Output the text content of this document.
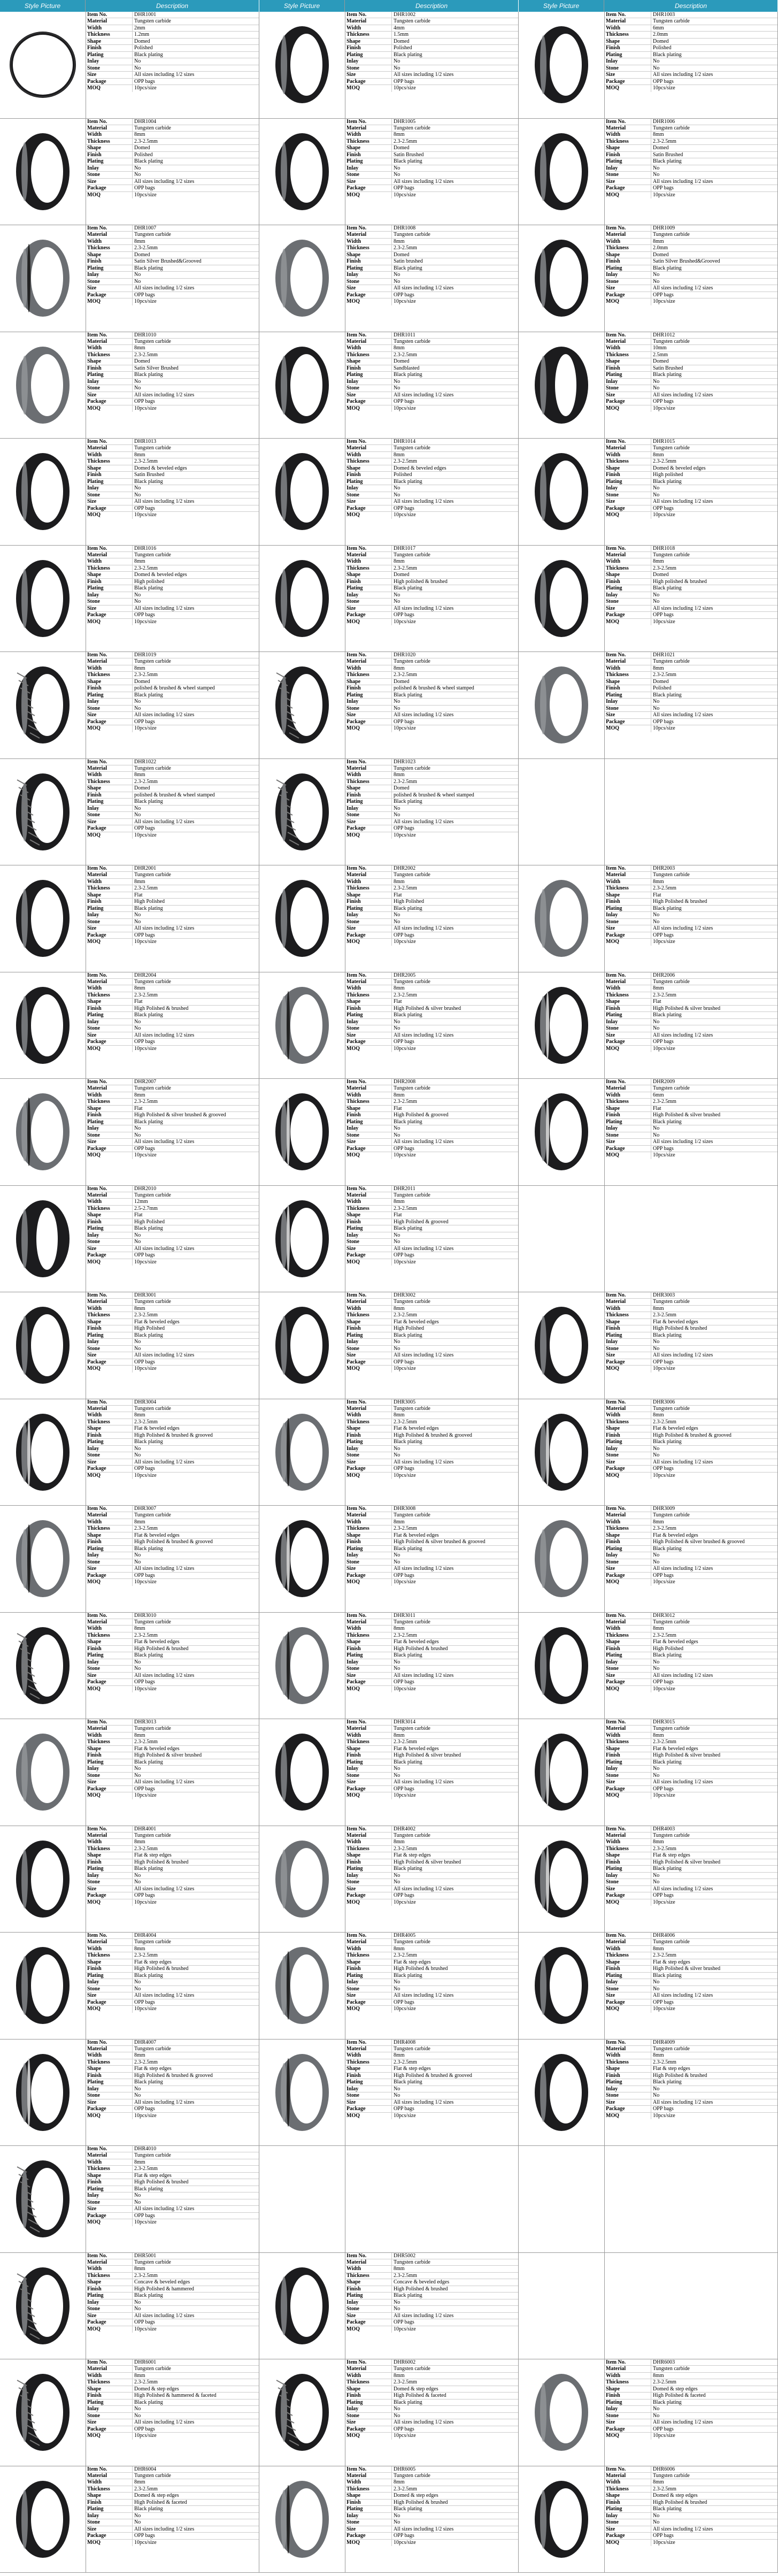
Style Picture	Description	Style Picture	Description	Style Picture	Description
Item No.	DHR1001
Material	Tungsten carbide
Width	2mm
Thickness	1.2mm
Shape	Domed
Finish	Polished
Plating	Black plating
Inlay	No
Stone	No
Size	All sizes including 1/2 sizes
Package	OPP bags
MOQ	10pcs/size
Item No.	DHR1002
Material	Tungsten carbide
Width	4mm
Thickness	1.5mm
Shape	Domed
Finish	Polished
Plating	Black plating
Inlay	No
Stone	No
Size	All sizes including 1/2 sizes
Package	OPP bags
MOQ	10pcs/size
Item No.	DHR1003
Material	Tungsten carbide
Width	6mm
Thickness	2.0mm
Shape	Domed
Finish	Polished
Plating	Black plating
Inlay	No
Stone	No
Size	All sizes including 1/2 sizes
Package	OPP bags
MOQ	10pcs/size
Item No.	DHR1004
Material	Tungsten carbide
Width	8mm
Thickness	2.3-2.5mm
Shape	Domed
Finish	Polished
Plating	Black plating
Inlay	No
Stone	No
Size	All sizes including 1/2 sizes
Package	OPP bags
MOQ	10pcs/size
Item No.	DHR1005
Material	Tungsten carbide
Width	8mm
Thickness	2.3-2.5mm
Shape	Domed
Finish	Satin Brushed
Plating	Black plating
Inlay	No
Stone	No
Size	All sizes including 1/2 sizes
Package	OPP bags
MOQ	10pcs/size
Item No.	DHR1006
Material	Tungsten carbide
Width	8mm
Thickness	2.3-2.5mm
Shape	Domed
Finish	Satin Brushed
Plating	Black plating
Inlay	No
Stone	No
Size	All sizes including 1/2 sizes
Package	OPP bags
MOQ	10pcs/size
Item No.	DHR1007
Material	Tungsten carbide
Width	8mm
Thickness	2.3-2.5mm
Shape	Domed
Finish	Satin Silver Brushed&Grooved
Plating	Black plating
Inlay	No
Stone	No
Size	All sizes including 1/2 sizes
Package	OPP bags
MOQ	10pcs/size
Item No.	DHR1008
Material	Tungsten carbide
Width	8mm
Thickness	2.3-2.5mm
Shape	Domed
Finish	Satin brushed
Plating	Black plating
Inlay	No
Stone	No
Size	All sizes including 1/2 sizes
Package	OPP bags
MOQ	10pcs/size
Item No.	DHR1009
Material	Tungsten carbide
Width	8mm
Thickness	2.0mm
Shape	Domed
Finish	Satin Silver Brushed&Grooved
Plating	Black plating
Inlay	No
Stone	No
Size	All sizes including 1/2 sizes
Package	OPP bags
MOQ	10pcs/size
Item No.	DHR1010
Material	Tungsten carbide
Width	8mm
Thickness	2.3-2.5mm
Shape	Domed
Finish	Satin Silver Brushed
Plating	Black plating
Inlay	No
Stone	No
Size	All sizes including 1/2 sizes
Package	OPP bags
MOQ	10pcs/size
Item No.	DHR1011
Material	Tungsten carbide
Width	8mm
Thickness	2.3-2.5mm
Shape	Domed
Finish	Sandblasted
Plating	Black plating
Inlay	No
Stone	No
Size	All sizes including 1/2 sizes
Package	OPP bags
MOQ	10pcs/size
Item No.	DHR1012
Material	Tungsten carbide
Width	10mm
Thickness	2.5mm
Shape	Domed
Finish	Satin Brushed
Plating	Black plating
Inlay	No
Stone	No
Size	All sizes including 1/2 sizes
Package	OPP bags
MOQ	10pcs/size
Item No.	DHR1013
Material	Tungsten carbide
Width	8mm
Thickness	2.3-2.5mm
Shape	Domed & beveled edges
Finish	Satin Brushed
Plating	Black plating
Inlay	No
Stone	No
Size	All sizes including 1/2 sizes
Package	OPP bags
MOQ	10pcs/size
Item No.	DHR1014
Material	Tungsten carbide
Width	8mm
Thickness	2.3-2.5mm
Shape	Domed & beveled edges
Finish	Polished
Plating	Black plating
Inlay	No
Stone	No
Size	All sizes including 1/2 sizes
Package	OPP bags
MOQ	10pcs/size
Item No.	DHR1015
Material	Tungsten carbide
Width	8mm
Thickness	2.3-2.5mm
Shape	Domed & beveled edges
Finish	High polished
Plating	Black plating
Inlay	No
Stone	No
Size	All sizes including 1/2 sizes
Package	OPP bags
MOQ	10pcs/size
Item No.	DHR1016
Material	Tungsten carbide
Width	8mm
Thickness	2.3-2.5mm
Shape	Domed & beveled edges
Finish	High polished
Plating	Black plating
Inlay	No
Stone	No
Size	All sizes including 1/2 sizes
Package	OPP bags
MOQ	10pcs/size
Item No.	DHR1017
Material	Tungsten carbide
Width	8mm
Thickness	2.3-2.5mm
Shape	Domed
Finish	High polished & brushed
Plating	Black plating
Inlay	No
Stone	No
Size	All sizes including 1/2 sizes
Package	OPP bags
MOQ	10pcs/size
Item No.	DHR1018
Material	Tungsten carbide
Width	8mm
Thickness	2.3-2.5mm
Shape	Domed
Finish	High polished & brushed
Plating	Black plating
Inlay	No
Stone	No
Size	All sizes including 1/2 sizes
Package	OPP bags
MOQ	10pcs/size
Item No.	DHR1019
Material	Tungsten carbide
Width	8mm
Thickness	2.3-2.5mm
Shape	Domed
Finish	polished & brushed & wheel stamped
Plating	Black plating
Inlay	No
Stone	No
Size	All sizes including 1/2 sizes
Package	OPP bags
MOQ	10pcs/size
Item No.	DHR1020
Material	Tungsten carbide
Width	8mm
Thickness	2.3-2.5mm
Shape	Domed
Finish	polished & brushed & wheel stamped
Plating	Black plating
Inlay	No
Stone	No
Size	All sizes including 1/2 sizes
Package	OPP bags
MOQ	10pcs/size
Item No.	DHR1021
Material	Tungsten carbide
Width	8mm
Thickness	2.3-2.5mm
Shape	Domed
Finish	Polished
Plating	Black plating
Inlay	No
Stone	No
Size	All sizes including 1/2 sizes
Package	OPP bags
MOQ	10pcs/size
Item No.	DHR1022
Material	Tungsten carbide
Width	8mm
Thickness	2.3-2.5mm
Shape	Domed
Finish	polished & brushed & wheel stamped
Plating	Black plating
Inlay	No
Stone	No
Size	All sizes including 1/2 sizes
Package	OPP bags
MOQ	10pcs/size
Item No.	DHR1023
Material	Tungsten carbide
Width	8mm
Thickness	2.3-2.5mm
Shape	Domed
Finish	polished & brushed & wheel stamped
Plating	Black plating
Inlay	No
Stone	No
Size	All sizes including 1/2 sizes
Package	OPP bags
MOQ	10pcs/size
Item No.	DHR2001
Material	Tungsten carbide
Width	8mm
Thickness	2.3-2.5mm
Shape	Flat
Finish	High Polished
Plating	Black plating
Inlay	No
Stone	No
Size	All sizes including 1/2 sizes
Package	OPP bags
MOQ	10pcs/size
Item No.	DHR2002
Material	Tungsten carbide
Width	8mm
Thickness	2.3-2.5mm
Shape	Flat
Finish	High Polished
Plating	Black plating
Inlay	No
Stone	No
Size	All sizes including 1/2 sizes
Package	OPP bags
MOQ	10pcs/size
Item No.	DHR2003
Material	Tungsten carbide
Width	8mm
Thickness	2.3-2.5mm
Shape	Flat
Finish	High Polished & brushed
Plating	Black plating
Inlay	No
Stone	No
Size	All sizes including 1/2 sizes
Package	OPP bags
MOQ	10pcs/size
Item No.	DHR2004
Material	Tungsten carbide
Width	8mm
Thickness	2.3-2.5mm
Shape	Flat
Finish	High Polished & brushed
Plating	Black plating
Inlay	No
Stone	No
Size	All sizes including 1/2 sizes
Package	OPP bags
MOQ	10pcs/size
Item No.	DHR2005
Material	Tungsten carbide
Width	8mm
Thickness	2.3-2.5mm
Shape	Flat
Finish	High Polished & silver brushed
Plating	Black plating
Inlay	No
Stone	No
Size	All sizes including 1/2 sizes
Package	OPP bags
MOQ	10pcs/size
Item No.	DHR2006
Material	Tungsten carbide
Width	8mm
Thickness	2.3-2.5mm
Shape	Flat
Finish	High Polished & silver brushed
Plating	Black plating
Inlay	No
Stone	No
Size	All sizes including 1/2 sizes
Package	OPP bags
MOQ	10pcs/size
Item No.	DHR2007
Material	Tungsten carbide
Width	8mm
Thickness	2.3-2.5mm
Shape	Flat
Finish	High Polished & silver brushed & grooved
Plating	Black plating
Inlay	No
Stone	No
Size	All sizes including 1/2 sizes
Package	OPP bags
MOQ	10pcs/size
Item No.	DHR2008
Material	Tungsten carbide
Width	8mm
Thickness	2.3-2.5mm
Shape	Flat
Finish	High Polished & grooved
Plating	Black plating
Inlay	No
Stone	No
Size	All sizes including 1/2 sizes
Package	OPP bags
MOQ	10pcs/size
Item No.	DHR2009
Material	Tungsten carbide
Width	6mm
Thickness	2.3-2.5mm
Shape	Flat
Finish	High Polished & silver brushed
Plating	Black plating
Inlay	No
Stone	No
Size	All sizes including 1/2 sizes
Package	OPP bags
MOQ	10pcs/size
Item No.	DHR2010
Material	Tungsten carbide
Width	12mm
Thickness	2.5-2.7mm
Shape	Flat
Finish	High Polished
Plating	Black plating
Inlay	No
Stone	No
Size	All sizes including 1/2 sizes
Package	OPP bags
MOQ	10pcs/size
Item No.	DHR2011
Material	Tungsten carbide
Width	8mm
Thickness	2.3-2.5mm
Shape	Flat
Finish	High Polished & grooved
Plating	Black plating
Inlay	No
Stone	No
Size	All sizes including 1/2 sizes
Package	OPP bags
MOQ	10pcs/size
Item No.	DHR3001
Material	Tungsten carbide
Width	8mm
Thickness	2.3-2.5mm
Shape	Flat & beveled edges
Finish	High Polished
Plating	Black plating
Inlay	No
Stone	No
Size	All sizes including 1/2 sizes
Package	OPP bags
MOQ	10pcs/size
Item No.	DHR3002
Material	Tungsten carbide
Width	8mm
Thickness	2.3-2.5mm
Shape	Flat & beveled edges
Finish	High Polished
Plating	Black plating
Inlay	No
Stone	No
Size	All sizes including 1/2 sizes
Package	OPP bags
MOQ	10pcs/size
Item No.	DHR3003
Material	Tungsten carbide
Width	8mm
Thickness	2.3-2.5mm
Shape	Flat & beveled edges
Finish	High Polished & brushed
Plating	Black plating
Inlay	No
Stone	No
Size	All sizes including 1/2 sizes
Package	OPP bags
MOQ	10pcs/size
Item No.	DHR3004
Material	Tungsten carbide
Width	8mm
Thickness	2.3-2.5mm
Shape	Flat & beveled edges
Finish	High Polished & brushed & grooved
Plating	Black plating
Inlay	No
Stone	No
Size	All sizes including 1/2 sizes
Package	OPP bags
MOQ	10pcs/size
Item No.	DHR3005
Material	Tungsten carbide
Width	8mm
Thickness	2.3-2.5mm
Shape	Flat & beveled edges
Finish	High Polished & brushed & grooved
Plating	Black plating
Inlay	No
Stone	No
Size	All sizes including 1/2 sizes
Package	OPP bags
MOQ	10pcs/size
Item No.	DHR3006
Material	Tungsten carbide
Width	8mm
Thickness	2.3-2.5mm
Shape	Flat & beveled edges
Finish	High Polished & brushed & grooved
Plating	Black plating
Inlay	No
Stone	No
Size	All sizes including 1/2 sizes
Package	OPP bags
MOQ	10pcs/size
Item No.	DHR3007
Material	Tungsten carbide
Width	8mm
Thickness	2.3-2.5mm
Shape	Flat & beveled edges
Finish	High Polished & brushed & grooved
Plating	Black plating
Inlay	No
Stone	No
Size	All sizes including 1/2 sizes
Package	OPP bags
MOQ	10pcs/size
Item No.	DHR3008
Material	Tungsten carbide
Width	8mm
Thickness	2.3-2.5mm
Shape	Flat & beveled edges
Finish	High Polished & silver brushed & grooved
Plating	Black plating
Inlay	No
Stone	No
Size	All sizes including 1/2 sizes
Package	OPP bags
MOQ	10pcs/size
Item No.	DHR3009
Material	Tungsten carbide
Width	8mm
Thickness	2.3-2.5mm
Shape	Flat & beveled edges
Finish	High Polished & silver brushed & grooved
Plating	Black plating
Inlay	No
Stone	No
Size	All sizes including 1/2 sizes
Package	OPP bags
MOQ	10pcs/size
Item No.	DHR3010
Material	Tungsten carbide
Width	8mm
Thickness	2.3-2.5mm
Shape	Flat & beveled edges
Finish	High Polished & brushed
Plating	Black plating
Inlay	No
Stone	No
Size	All sizes including 1/2 sizes
Package	OPP bags
MOQ	10pcs/size
Item No.	DHR3011
Material	Tungsten carbide
Width	8mm
Thickness	2.3-2.5mm
Shape	Flat & beveled edges
Finish	High Polished & brushed
Plating	Black plating
Inlay	No
Stone	No
Size	All sizes including 1/2 sizes
Package	OPP bags
MOQ	10pcs/size
Item No.	DHR3012
Material	Tungsten carbide
Width	8mm
Thickness	2.3-2.5mm
Shape	Flat & beveled edges
Finish	High Polished
Plating	Black plating
Inlay	No
Stone	No
Size	All sizes including 1/2 sizes
Package	OPP bags
MOQ	10pcs/size
Item No.	DHR3013
Material	Tungsten carbide
Width	8mm
Thickness	2.3-2.5mm
Shape	Flat & beveled edges
Finish	High Polished & silver brushed
Plating	Black plating
Inlay	No
Stone	No
Size	All sizes including 1/2 sizes
Package	OPP bags
MOQ	10pcs/size
Item No.	DHR3014
Material	Tungsten carbide
Width	8mm
Thickness	2.3-2.5mm
Shape	Flat & beveled edges
Finish	High Polished & silver brushed
Plating	Black plating
Inlay	No
Stone	No
Size	All sizes including 1/2 sizes
Package	OPP bags
MOQ	10pcs/size
Item No.	DHR3015
Material	Tungsten carbide
Width	8mm
Thickness	2.3-2.5mm
Shape	Flat & beveled edges
Finish	High Polished & silver brushed
Plating	Black plating
Inlay	No
Stone	No
Size	All sizes including 1/2 sizes
Package	OPP bags
MOQ	10pcs/size
Item No.	DHR4001
Material	Tungsten carbide
Width	8mm
Thickness	2.3-2.5mm
Shape	Flat & step edges
Finish	High Polished & brushed
Plating	Black plating
Inlay	No
Stone	No
Size	All sizes including 1/2 sizes
Package	OPP bags
MOQ	10pcs/size
Item No.	DHR4002
Material	Tungsten carbide
Width	8mm
Thickness	2.3-2.5mm
Shape	Flat & step edges
Finish	High Polished & silver brushed
Plating	Black plating
Inlay	No
Stone	No
Size	All sizes including 1/2 sizes
Package	OPP bags
MOQ	10pcs/size
Item No.	DHR4003
Material	Tungsten carbide
Width	8mm
Thickness	2.3-2.5mm
Shape	Flat & step edges
Finish	High Polished & silver brushed
Plating	Black plating
Inlay	No
Stone	No
Size	All sizes including 1/2 sizes
Package	OPP bags
MOQ	10pcs/size
Item No.	DHR4004
Material	Tungsten carbide
Width	8mm
Thickness	2.3-2.5mm
Shape	Flat & step edges
Finish	High Polished & brushed
Plating	Black plating
Inlay	No
Stone	No
Size	All sizes including 1/2 sizes
Package	OPP bags
MOQ	10pcs/size
Item No.	DHR4005
Material	Tungsten carbide
Width	8mm
Thickness	2.3-2.5mm
Shape	Flat & step edges
Finish	High Polished & brushed
Plating	Black plating
Inlay	No
Stone	No
Size	All sizes including 1/2 sizes
Package	OPP bags
MOQ	10pcs/size
Item No.	DHR4006
Material	Tungsten carbide
Width	8mm
Thickness	2.3-2.5mm
Shape	Flat & step edges
Finish	High Polished & silver brushed
Plating	Black plating
Inlay	No
Stone	No
Size	All sizes including 1/2 sizes
Package	OPP bags
MOQ	10pcs/size
Item No.	DHR4007
Material	Tungsten carbide
Width	8mm
Thickness	2.3-2.5mm
Shape	Flat & step edges
Finish	High Polished & brushed & grooved
Plating	Black plating
Inlay	No
Stone	No
Size	All sizes including 1/2 sizes
Package	OPP bags
MOQ	10pcs/size
Item No.	DHR4008
Material	Tungsten carbide
Width	8mm
Thickness	2.3-2.5mm
Shape	Flat & step edges
Finish	High Polished & brushed & grooved
Plating	Black plating
Inlay	No
Stone	No
Size	All sizes including 1/2 sizes
Package	OPP bags
MOQ	10pcs/size
Item No.	DHR4009
Material	Tungsten carbide
Width	8mm
Thickness	2.3-2.5mm
Shape	Flat & step edges
Finish	High Polished & brushed
Plating	Black plating
Inlay	No
Stone	No
Size	All sizes including 1/2 sizes
Package	OPP bags
MOQ	10pcs/size
Item No.	DHR4010
Material	Tungsten carbide
Width	8mm
Thickness	2.3-2.5mm
Shape	Flat & step edges
Finish	High Polished & brushed
Plating	Black plating
Inlay	No
Stone	No
Size	All sizes including 1/2 sizes
Package	OPP bags
MOQ	10pcs/size
Item No.	DHR5001
Material	Tungsten carbide
Width	8mm
Thickness	2.3-2.5mm
Shape	Concave & beveled edges
Finish	High Polished & hammered
Plating	Black plating
Inlay	No
Stone	No
Size	All sizes including 1/2 sizes
Package	OPP bags
MOQ	10pcs/size
Item No.	DHR5002
Material	Tungsten carbide
Width	8mm
Thickness	2.3-2.5mm
Shape	Concave & beveled edges
Finish	High Polished & brushed
Plating	Black plating
Inlay	No
Stone	No
Size	All sizes including 1/2 sizes
Package	OPP bags
MOQ	10pcs/size
Item No.	DHR6001
Material	Tungsten carbide
Width	8mm
Thickness	2.3-2.5mm
Shape	Domed & step edges
Finish	High Polished & hammered & faceted
Plating	Black plating
Inlay	No
Stone	No
Size	All sizes including 1/2 sizes
Package	OPP bags
MOQ	10pcs/size
Item No.	DHR6002
Material	Tungsten carbide
Width	8mm
Thickness	2.3-2.5mm
Shape	Domed & step edges
Finish	High Polished & faceted
Plating	Black plating
Inlay	No
Stone	No
Size	All sizes including 1/2 sizes
Package	OPP bags
MOQ	10pcs/size
Item No.	DHR6003
Material	Tungsten carbide
Width	8mm
Thickness	2.3-2.5mm
Shape	Domed & step edges
Finish	High Polished & faceted
Plating	Black plating
Inlay	No
Stone	No
Size	All sizes including 1/2 sizes
Package	OPP bags
MOQ	10pcs/size
Item No.	DHR6004
Material	Tungsten carbide
Width	8mm
Thickness	2.3-2.5mm
Shape	Domed & step edges
Finish	High Polished & faceted
Plating	Black plating
Inlay	No
Stone	No
Size	All sizes including 1/2 sizes
Package	OPP bags
MOQ	10pcs/size
Item No.	DHR6005
Material	Tungsten carbide
Width	8mm
Thickness	2.3-2.5mm
Shape	Domed & step edges
Finish	High Polished & brushed
Plating	Black plating
Inlay	No
Stone	No
Size	All sizes including 1/2 sizes
Package	OPP bags
MOQ	10pcs/size
Item No.	DHR6006
Material	Tungsten carbide
Width	8mm
Thickness	2.3-2.5mm
Shape	Domed & step edges
Finish	High Polished & brushed
Plating	Black plating
Inlay	No
Stone	No
Size	All sizes including 1/2 sizes
Package	OPP bags
MOQ	10pcs/size
